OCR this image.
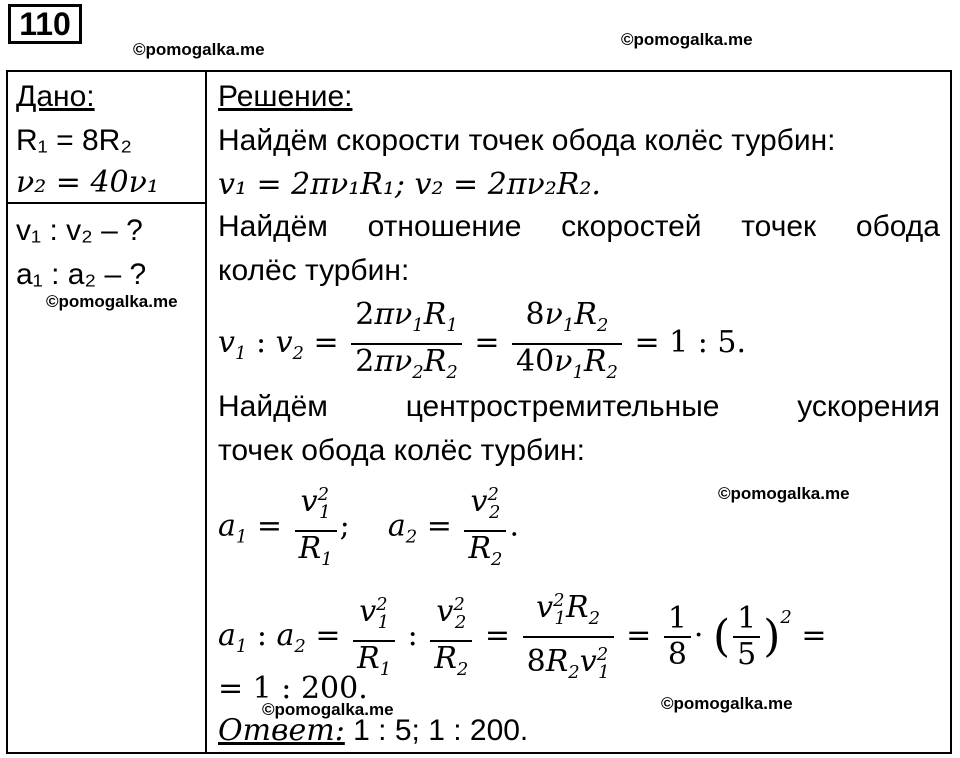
110
©pomogalka.me
©pomogalka.me
©pomogalka.me
©pomogalka.me
©pomogalka.me
©pomogalka.me
Дано:
R₁ = 8R₂
ν₂ = 40ν₁
v₁ : v₂ – ?
a₁ : a₂ – ?
Решение:
Найдём скорости точек обода колёс турбин:
v₁ = 2πν₁R₁; v₂ = 2πν₂R₂.
Найдём отношение скоростей точек обода
колёс турбин:
$v_1$ : $v_2 = \frac{2\pi\nu_1R_1}{2\pi\nu_2R_2} = \frac{8\nu_1R_2}{40\nu_1R_2} = 1$ : 5.
Найдём	центростремительные	ускорения
точек обода колёс турбин:
$a_1 = \frac{v^2_1}{R_1}$ ;    $a_2 = \frac{v^2_2}{R_2}$ .
$a_1$ : $a_2 = \frac{v^2_1}{R_1}$ : $\frac{v^2_2}{R_2} = \frac{v^2_1R_2}{8R_2v^2_1} = \frac{1}{8}$ · ( $\frac{1}{5} )^2$ =
= 1 : 200.
Ответ: 1 : 5; 1 : 200.
